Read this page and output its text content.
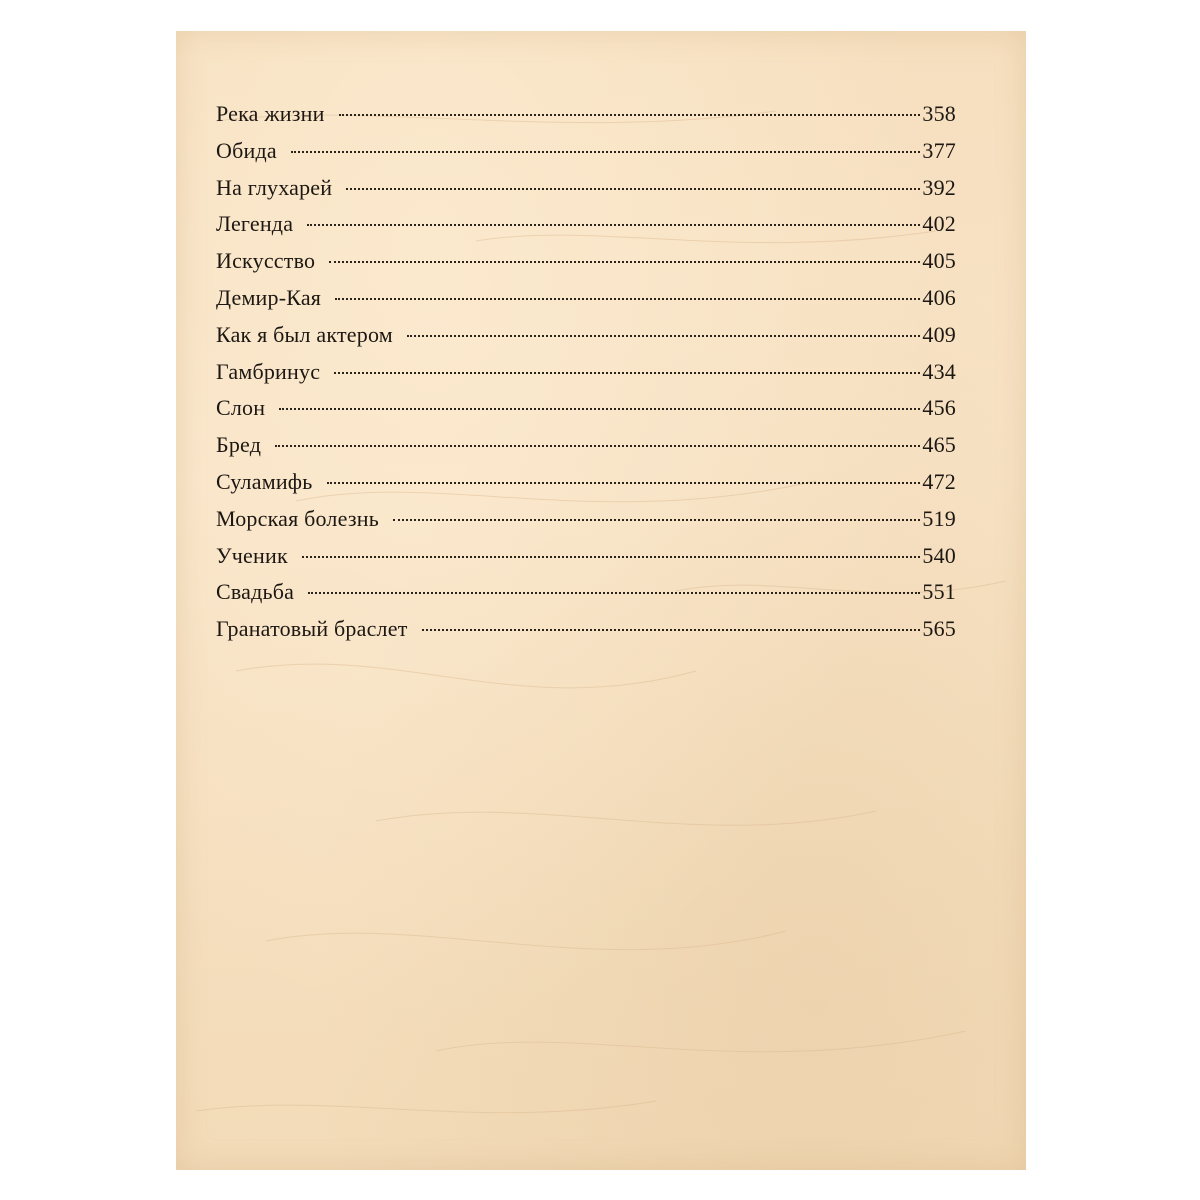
Река жизни	358
Обида	377
На глухарей	392
Легенда	402
Искусство	405
Демир-Кая	406
Как я был актером	409
Гамбринус	434
Слон	456
Бред	465
Суламифь	472
Морская болезнь	519
Ученик	540
Свадьба	551
Гранатовый браслет	565
